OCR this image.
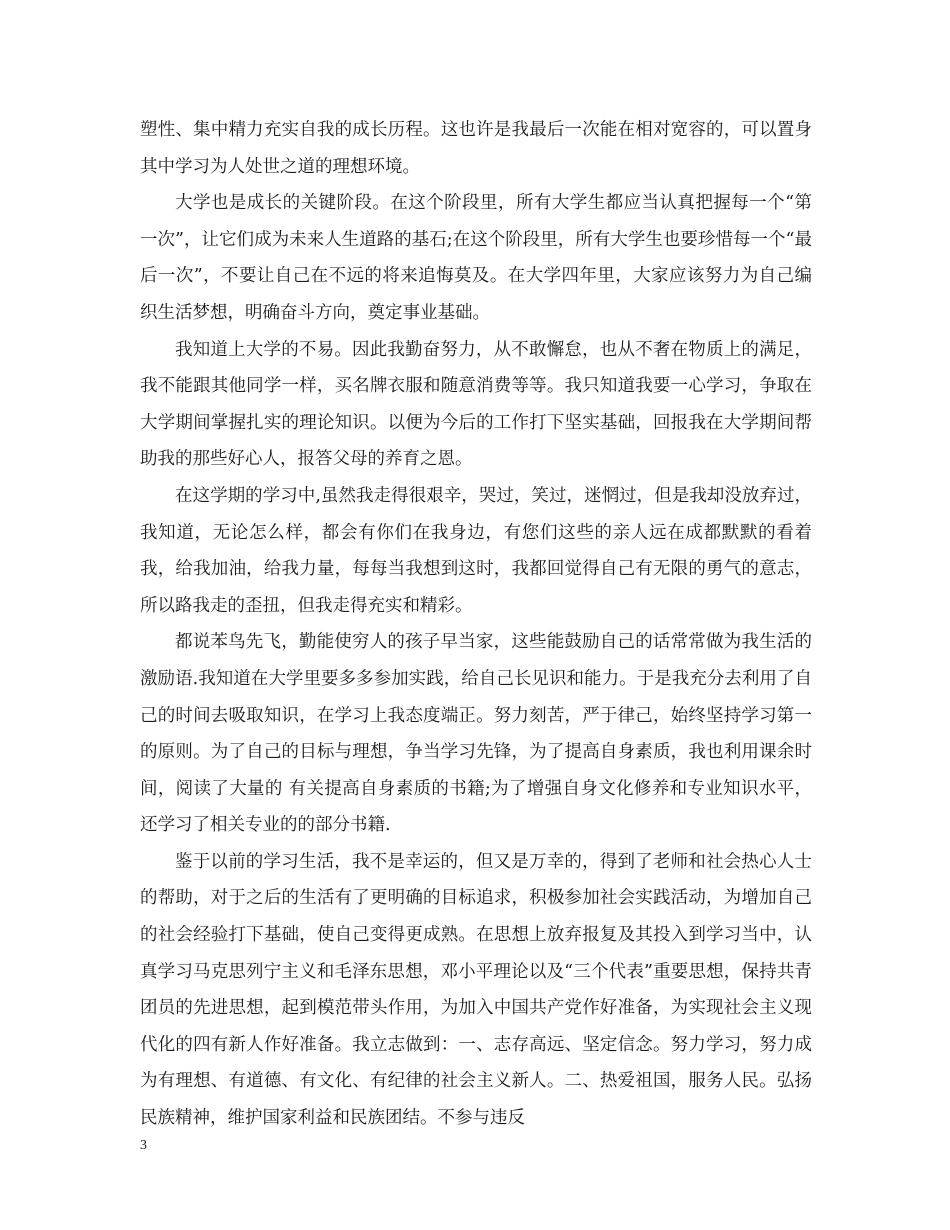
塑性、集中精力充实自我的成长历程。这也许是我最后一次能在相对宽容的，可以置身其中学习为人处世之道的理想环境。

大学也是成长的关键阶段。在这个阶段里，所有大学生都应当认真把握每一个“第一次”，让它们成为未来人生道路的基石;在这个阶段里，所有大学生也要珍惜每一个“最后一次”，不要让自己在不远的将来追悔莫及。在大学四年里，大家应该努力为自己编织生活梦想，明确奋斗方向，奠定事业基础。

我知道上大学的不易。因此我勤奋努力，从不敢懈怠，也从不奢在物质上的满足，我不能跟其他同学一样，买名牌衣服和随意消费等等。我只知道我要一心学习，争取在大学期间掌握扎实的理论知识。以便为今后的工作打下坚实基础，回报我在大学期间帮助我的那些好心人，报答父母的养育之恩。

在这学期的学习中,虽然我走得很艰辛，哭过，笑过，迷惘过，但是我却没放弃过，我知道，无论怎么样，都会有你们在我身边，有您们这些的亲人远在成都默默的看着我，给我加油，给我力量，每每当我想到这时，我都回觉得自己有无限的勇气的意志，所以路我走的歪扭，但我走得充实和精彩。

都说苯鸟先飞，勤能使穷人的孩子早当家，这些能鼓励自己的话常常做为我生活的激励语.我知道在大学里要多多参加实践，给自己长见识和能力。于是我充分去利用了自己的时间去吸取知识，在学习上我态度端正。努力刻苦，严于律己，始终坚持学习第一的原则。为了自己的目标与理想，争当学习先锋，为了提高自身素质，我也利用课余时间，阅读了大量的 有关提高自身素质的书籍;为了增强自身文化修养和专业知识水平，还学习了相关专业的的部分书籍.

鉴于以前的学习生活，我不是幸运的，但又是万幸的，得到了老师和社会热心人士的帮助，对于之后的生活有了更明确的目标追求，积极参加社会实践活动，为增加自己的社会经验打下基础，使自己变得更成熟。在思想上放弃报复及其投入到学习当中，认真学习马克思列宁主义和毛泽东思想，邓小平理论以及“三个代表”重要思想，保持共青团员的先进思想，起到模范带头作用，为加入中国共产党作好准备，为实现社会主义现代化的四有新人作好准备。我立志做到：一、志存高远、坚定信念。努力学习，努力成为有理想、有道德、有文化、有纪律的社会主义新人。二、热爱祖国，服务人民。弘扬民族精神，维护国家利益和民族团结。不参与违反

3
